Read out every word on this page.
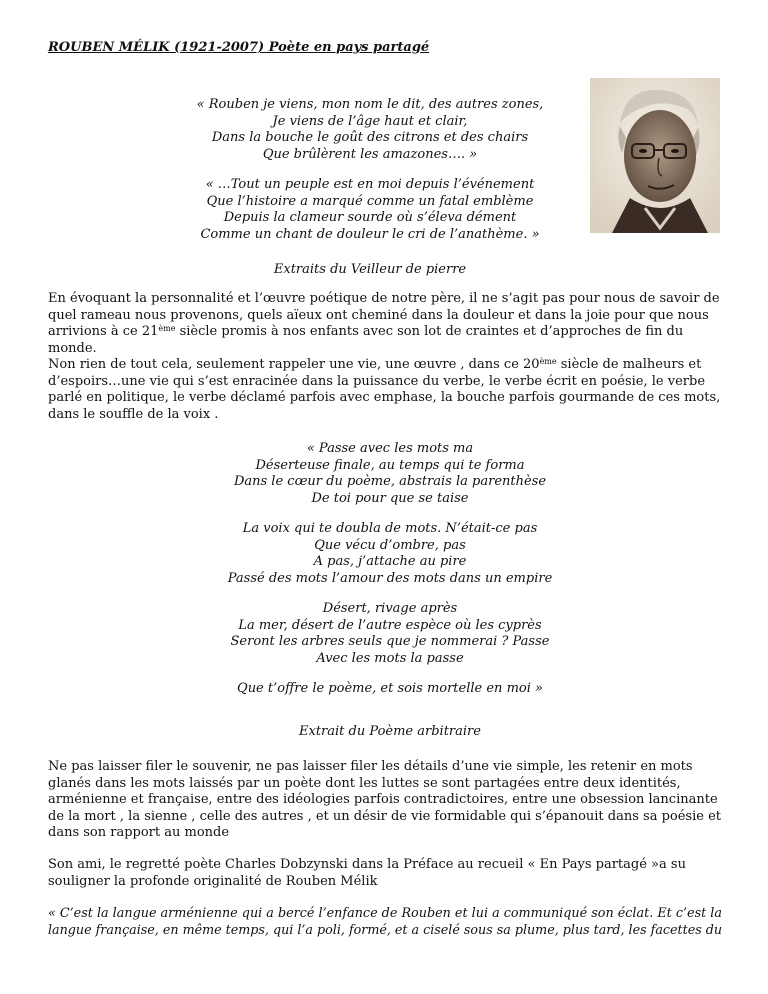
ROUBEN MÉLIK (1921-2007) Poète en pays partagé
« Rouben je viens, mon nom le dit, des autres zones,
Je viens de l’âge haut et clair,
Dans la bouche le goût des citrons et des chairs
Que brûlèrent les amazones…. »
« …Tout un peuple est en moi depuis l’événement
Que l’histoire a marqué comme un fatal emblème
Depuis la clameur sourde où s’éleva dément
Comme un chant de douleur le cri de l’anathème. »
Extraits du Veilleur de pierre
En évoquant la personnalité et l’œuvre poétique de notre père, il ne s’agit pas pour nous de savoir de
quel rameau nous provenons, quels aïeux ont cheminé dans la douleur et dans la joie pour que nous
arrivions à ce 21ème siècle promis à nos enfants avec son lot de craintes et d’approches de fin du
monde.
Non rien de tout cela, seulement rappeler une vie, une œuvre , dans ce 20ème siècle de malheurs et
d’espoirs…une vie qui s’est enracinée dans la puissance du verbe, le verbe écrit en poésie, le verbe
parlé en politique, le verbe déclamé parfois avec emphase, la bouche parfois gourmande de ces mots,
dans le souffle de la voix .
« Passe avec les mots ma
Déserteuse finale, au temps qui te forma
Dans le cœur du poème, abstrais la parenthèse
De toi pour que se taise
La voix qui te doubla de mots. N’était-ce pas
Que vécu d’ombre, pas
A pas, j’attache au pire
Passé des mots l’amour des mots dans un empire
Désert, rivage après
La mer, désert de l’autre espèce où les cyprès
Seront les arbres seuls que je nommerai ? Passe
Avec les mots la passe
Que t’offre le poème, et sois mortelle en moi »
Extrait du Poème arbitraire
Ne pas laisser filer le souvenir, ne pas laisser filer les détails d’une vie simple, les retenir en mots
glanés dans les mots laissés par un poète dont les luttes se sont partagées entre deux identités,
arménienne et française, entre des idéologies parfois contradictoires, entre une obsession lancinante
de la mort , la sienne , celle des autres , et un désir de vie formidable qui s’épanouit dans sa poésie et
dans son rapport au monde
Son ami, le regretté poète Charles Dobzynski dans la Préface au recueil « En Pays partagé »a su
souligner la profonde originalité de Rouben Mélik
« C’est la langue arménienne qui a bercé l’enfance de Rouben et lui a communiqué son éclat. Et c’est la
langue française, en même temps, qui l’a poli, formé, et a ciselé sous sa plume, plus tard, les facettes du
